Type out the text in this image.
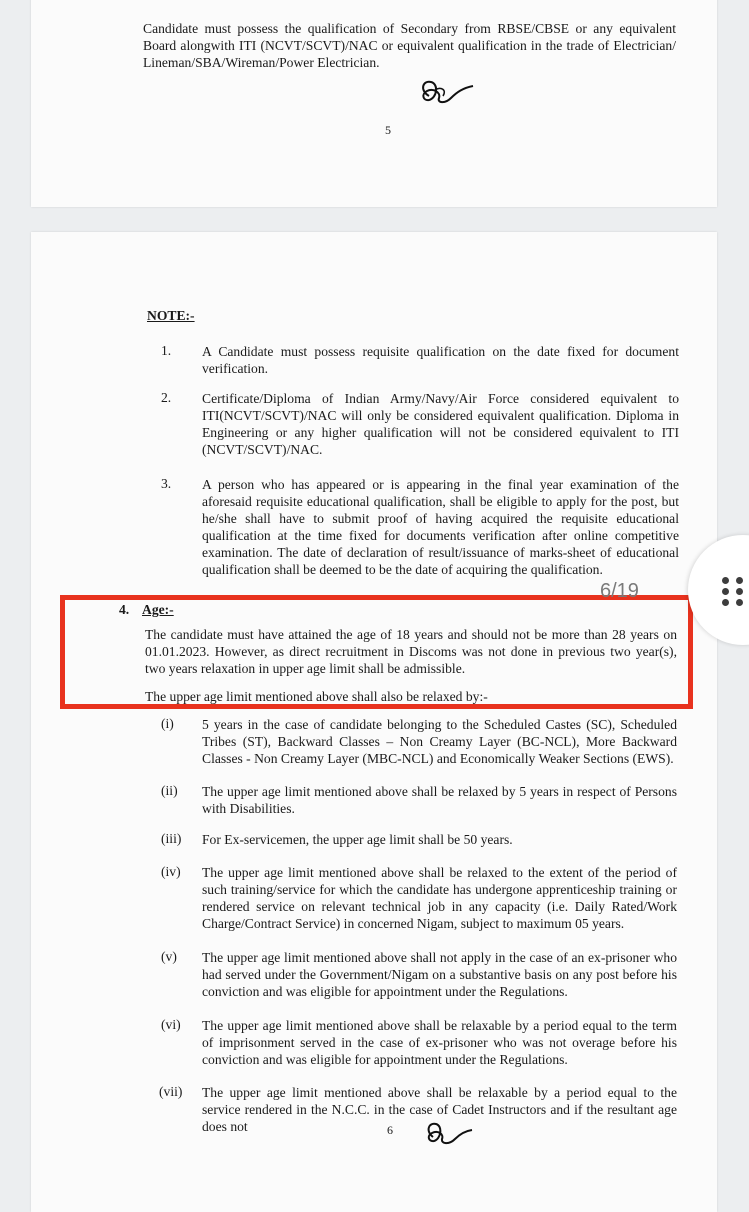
Candidate must possess the qualification of Secondary from RBSE/CBSE or any equivalent Board alongwith ITI (NCVT/SCVT)/NAC or equivalent qualification in the trade of Electrician/ Lineman/SBA/Wireman/Power Electrician.
5
NOTE:-
1.	A Candidate must possess requisite qualification on the date fixed for document verification.
2.	Certificate/Diploma of Indian Army/Navy/Air Force considered equivalent to ITI(NCVT/SCVT)/NAC will only be considered equivalent qualification. Diploma in Engineering or any higher qualification will not be considered equivalent to ITI (NCVT/SCVT)/NAC.
3.	A person who has appeared or is appearing in the final year examination of the aforesaid requisite educational qualification, shall be eligible to apply for the post, but he/she shall have to submit proof of having acquired the requisite educational qualification at the time fixed for documents verification after online competitive examination. The date of declaration of result/issuance of marks-sheet of educational qualification shall be deemed to be the date of acquiring the qualification.
4. Age:-
The candidate must have attained the age of 18 years and should not be more than 28 years on 01.01.2023. However, as direct recruitment in Discoms was not done in previous two year(s), two years relaxation in upper age limit shall be admissible.
The upper age limit mentioned above shall also be relaxed by:-
(i)	5 years in the case of candidate belonging to the Scheduled Castes (SC), Scheduled Tribes (ST), Backward Classes – Non Creamy Layer (BC-NCL), More Backward Classes - Non Creamy Layer (MBC-NCL) and Economically Weaker Sections (EWS).
(ii)	The upper age limit mentioned above shall be relaxed by 5 years in respect of Persons with Disabilities.
(iii)	For Ex-servicemen, the upper age limit shall be 50 years.
(iv)	The upper age limit mentioned above shall be relaxed to the extent of the period of such training/service for which the candidate has undergone apprenticeship training or rendered service on relevant technical job in any capacity (i.e. Daily Rated/Work Charge/Contract Service) in concerned Nigam, subject to maximum 05 years.
(v)	The upper age limit mentioned above shall not apply in the case of an ex-prisoner who had served under the Government/Nigam on a substantive basis on any post before his conviction and was eligible for appointment under the Regulations.
(vi)	The upper age limit mentioned above shall be relaxable by a period equal to the term of imprisonment served in the case of ex-prisoner who was not overage before his conviction and was eligible for appointment under the Regulations.
(vii)	The upper age limit mentioned above shall be relaxable by a period equal to the service rendered in the N.C.C. in the case of Cadet Instructors and if the resultant age does not	6
6/19
